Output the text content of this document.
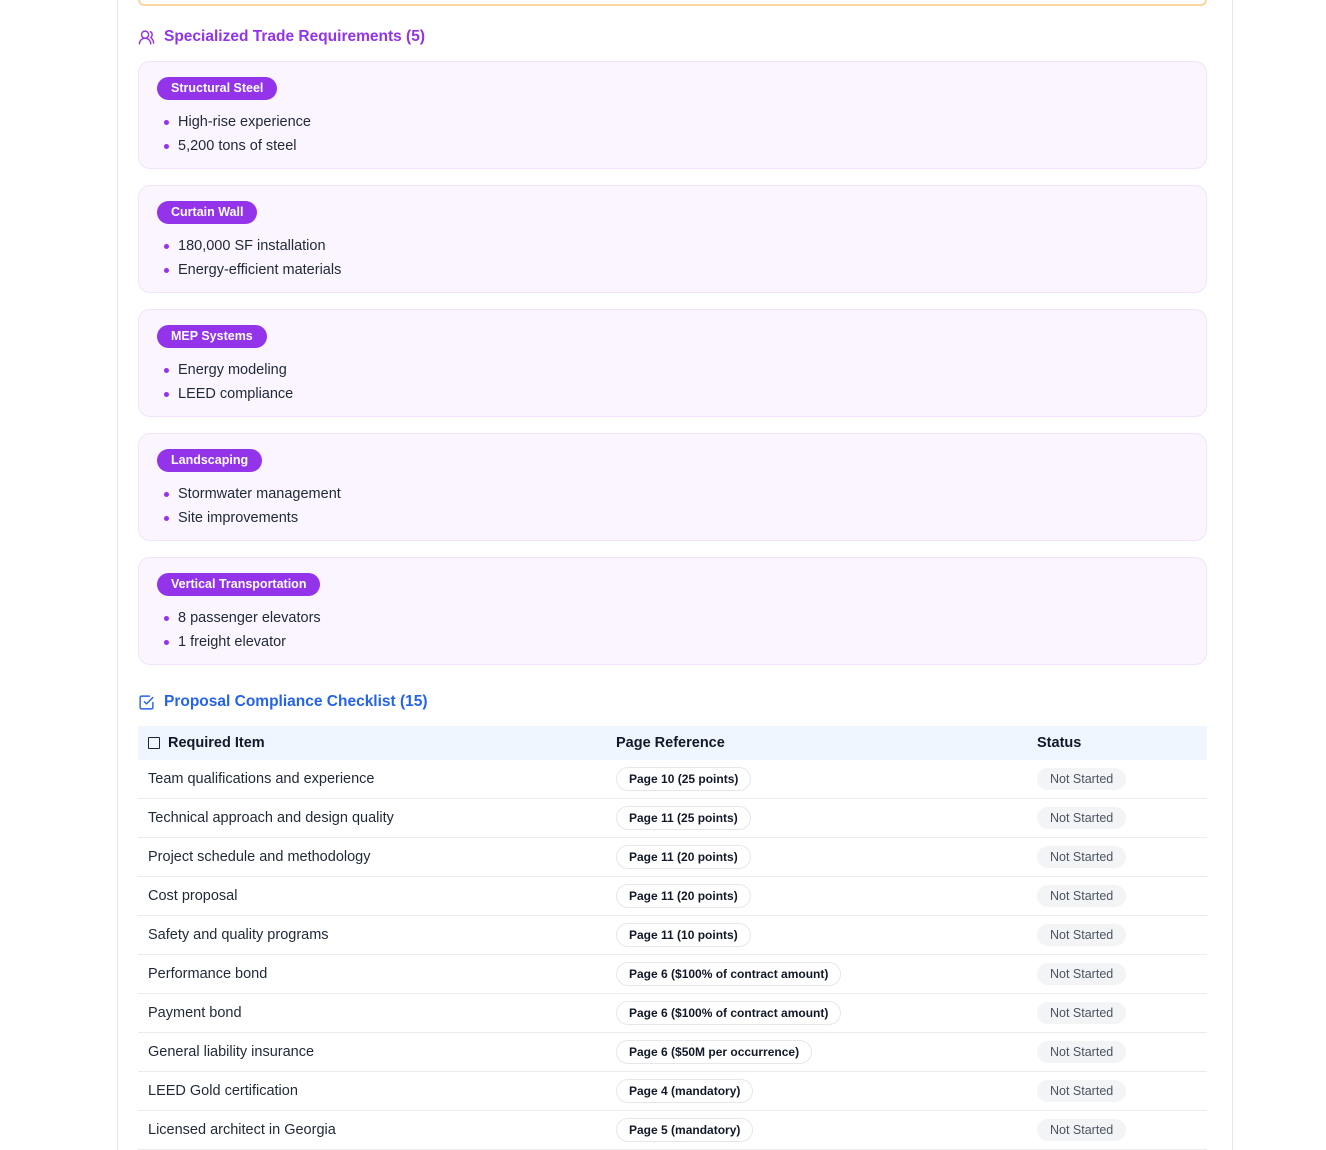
Specialized Trade Requirements (5)
Structural Steel
High-rise experience
5,200 tons of steel
Curtain Wall
180,000 SF installation
Energy-efficient materials
MEP Systems
Energy modeling
LEED compliance
Landscaping
Stormwater management
Site improvements
Vertical Transportation
8 passenger elevators
1 freight elevator
Proposal Compliance Checklist (15)
Required Item	Page Reference	Status
Team qualifications and experience	Page 10 (25 points)	Not Started
Technical approach and design quality	Page 11 (25 points)	Not Started
Project schedule and methodology	Page 11 (20 points)	Not Started
Cost proposal	Page 11 (20 points)	Not Started
Safety and quality programs	Page 11 (10 points)	Not Started
Performance bond	Page 6 ($100% of contract amount)	Not Started
Payment bond	Page 6 ($100% of contract amount)	Not Started
General liability insurance	Page 6 ($50M per occurrence)	Not Started
LEED Gold certification	Page 4 (mandatory)	Not Started
Licensed architect in Georgia	Page 5 (mandatory)	Not Started
